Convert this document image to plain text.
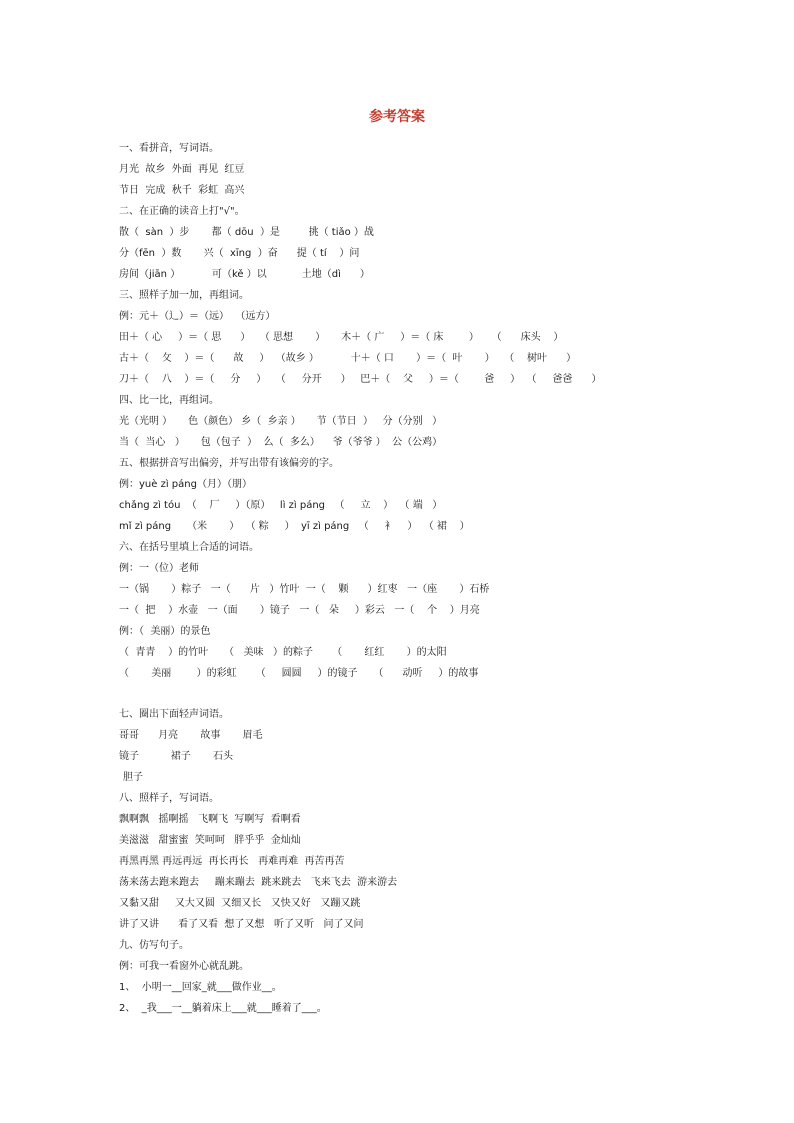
参考答案
一、看拼音，写词语。
月光  故乡  外面  再见  红豆
节日  完成  秋千  彩虹  高兴
二、在正确的读音上打"√"。
散（  sàn  ）步       都（ dōu  ）是         挑（ tiǎo ）战
分（fēn  ）数       兴（  xīng  ）奋      提（ tí    ）问
房间（jiān ）          可（kě ）以           土地（dì      ）
三、照样子加一加，再组词。
例：元＋（辶）＝（远）  （远方）
田＋（ 心     ）＝（ 思      ）   （ 思想       ）     木＋（ 广     ）＝（ 床        ）    （      床头    ）
古＋（    攵    ）＝（      故     ）  （故乡 ）          十＋（ 口       ）＝（  叶       ）   （    树叶      ）
刀＋（    八    ）＝（     分     ）   （     分开      ）   巴＋（    父     ）＝（        爸     ）  （     爸爸      ）
四、比一比，再组词。
光（光明 ）     色（颜色） 乡（  乡亲 ）     节（节日  ）   分（分别   ）
当（  当心   ）     包（包子  ）  么（  多么）    爷（爷爷 ）  公（公鸡）
五、根据拼音写出偏旁，并写出带有该偏旁的字。
例：yuè zì páng（月）（朋）
chǎng zì tóu  （    厂     ）（原）   lì zì páng   （     立    ）  （ 端   ）
mǐ zì páng     （米       ）  （ 粽     ）  yī zì páng   （     衤    ）  （ 裙    ）
六、在括号里填上合适的词语。
例：一（位）老师
一（锅       ）粽子   一（      片   ）竹叶  一（    颗      ）红枣   一（座       ）石桥
一（  把    ）水壶   一（面       ）镜子   一（   朵     ）彩云   一（    个    ）月亮
例：（  美丽）的景色
（  青青    ）的竹叶     （   美味   ）的粽子      （       红红       ）的太阳
（       美丽        ）的彩虹      （     圆圆     ）的镜子     （      动听     ）的故事
七、圈出下面轻声词语。
哥哥      月亮       故事       眉毛
镜子          裙子       石头
胆子
八、照样子，写词语。
飘啊飘   摇啊摇   飞啊飞  写啊写  看啊看
美滋滋   甜蜜蜜  笑呵呵   胖乎乎  金灿灿
再黑再黑 再远再远  再长再长   再难再难  再苦再苦
荡来荡去跑来跑去     蹦来蹦去  跳来跳去   飞来飞去  游来游去
又黏又甜     又大又圆  又细又长   又快又好   又蹦又跳
讲了又讲      看了又看  想了又想   听了又听   问了又问
九、仿写句子。
例：可我一看窗外心就乱跳。
1、  小明一__回家_就___做作业__。
2、  _我___一__躺着床上___就___睡着了___。
